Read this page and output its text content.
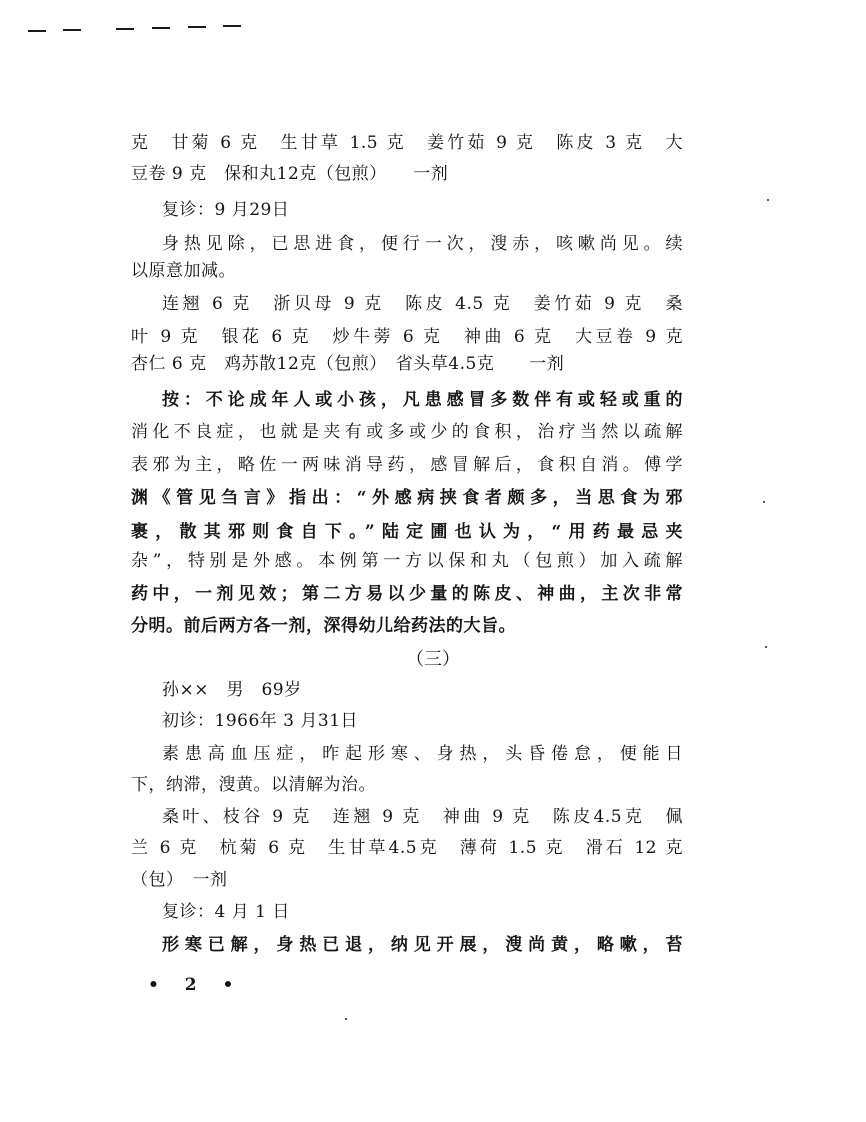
克　甘菊 6 克　生甘草 1.5 克　姜竹茹 9 克　陈皮 3 克　大
豆卷 9 克　保和丸12克（包煎）　　一剂
复诊：9 月29日
身热见除，已思进食，便行一次，溲赤，咳嗽尚见。续
以原意加减。
连翘 6 克　浙贝母 9 克　陈皮 4.5 克　姜竹茹 9 克　桑
叶 9 克　银花 6 克　炒牛蒡 6 克　神曲 6 克　大豆卷 9 克
杏仁 6 克　鸡苏散12克（包煎）　省头草4.5克　　一剂
按：不论成年人或小孩，凡患感冒多数伴有或轻或重的
消化不良症，也就是夹有或多或少的食积，治疗当然以疏解
表邪为主，略佐一两味消导药，感冒解后，食积自消。傅学
渊《管见刍言》指出：“外感病挟食者颇多，当思食为邪
裹，散其邪则食自下。”陆定圃也认为，“用药最忌夹
杂”，特别是外感。本例第一方以保和丸（包煎）加入疏解
药中，一剂见效；第二方易以少量的陈皮、神曲，主次非常
分明。前后两方各一剂，深得幼儿给药法的大旨。
（三）
孙××　男　69岁
初诊：1966年 3 月31日
素患高血压症，昨起形寒、身热，头昏倦怠，便能日
下，纳滞，溲黄。以清解为治。
桑叶、枝谷 9 克　连翘 9 克　神曲 9 克　陈皮4.5克　佩
兰 6 克　杭菊 6 克　生甘草4.5克　薄荷 1.5 克　滑石 12 克
（包）　一剂
复诊：4 月 1 日
形寒已解，身热已退，纳见开展，溲尚黄，略嗽，苔
• 2 •
